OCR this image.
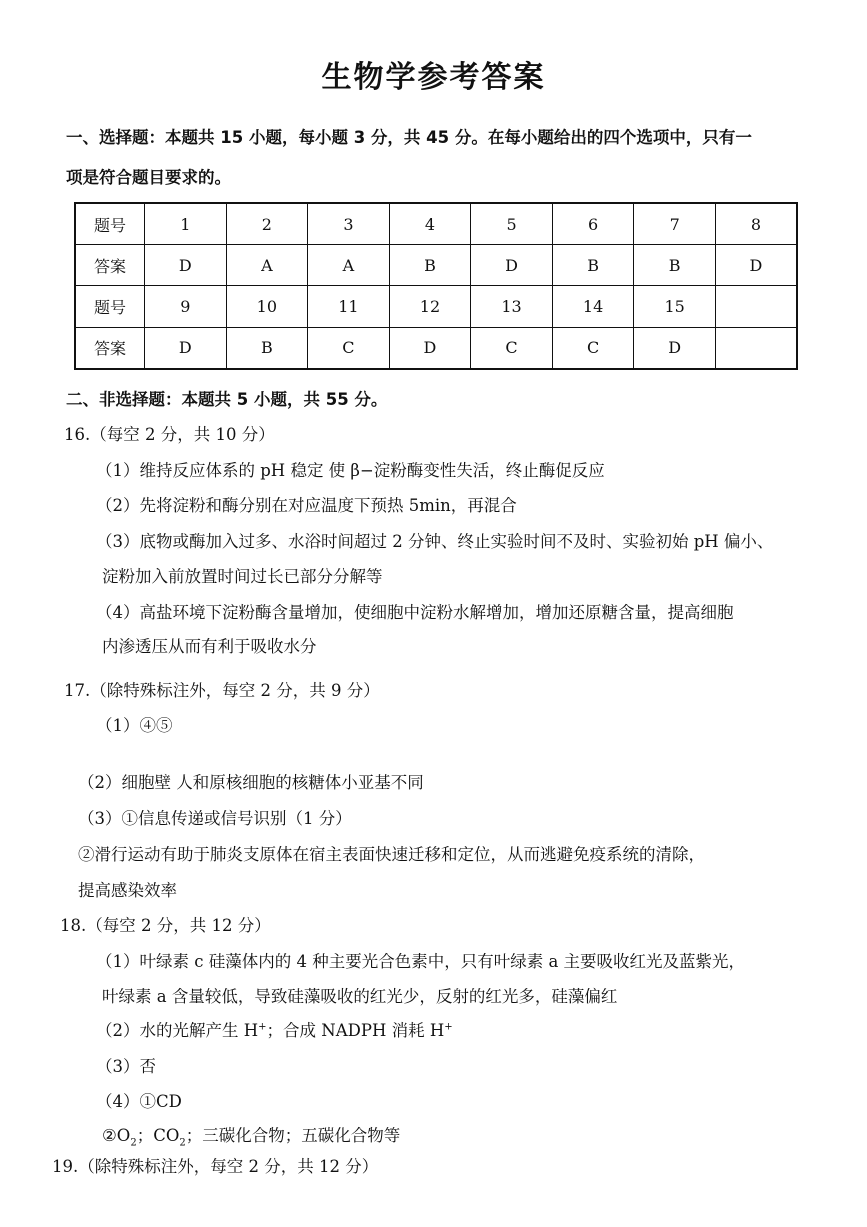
生物学参考答案
一、选择题：本题共 15 小题，每小题 3 分，共 45 分。在每小题给出的四个选项中，只有一
项是符合题目要求的。
题号	1	2	3	4	5	6	7	8
答案	D	A	A	B	D	B	B	D
题号	9	10	11	12	13	14	15	
答案	D	B	C	D	C	C	D	
二、非选择题：本题共 5 小题，共 55 分。
16.（每空 2 分，共 10 分）
（1）维持反应体系的 pH 稳定 使 β−淀粉酶变性失活，终止酶促反应
（2）先将淀粉和酶分别在对应温度下预热 5min，再混合
（3）底物或酶加入过多、水浴时间超过 2 分钟、终止实验时间不及时、实验初始 pH 偏小、
淀粉加入前放置时间过长已部分分解等
（4）高盐环境下淀粉酶含量增加，使细胞中淀粉水解增加，增加还原糖含量，提高细胞
内渗透压从而有利于吸收水分
17.（除特殊标注外，每空 2 分，共 9 分）
（1）④⑤
（2）细胞壁 人和原核细胞的核糖体小亚基不同
（3）①信息传递或信号识别（1 分）
②滑行运动有助于肺炎支原体在宿主表面快速迁移和定位，从而逃避免疫系统的清除，
提高感染效率
18.（每空 2 分，共 12 分）
（1）叶绿素 c 硅藻体内的 4 种主要光合色素中，只有叶绿素 a 主要吸收红光及蓝紫光，
叶绿素 a 含量较低，导致硅藻吸收的红光少，反射的红光多，硅藻偏红
（2）水的光解产生 H+；合成 NADPH 消耗 H+
（3）否
（4）①CD
$②O_2$；$CO_2$；三碳化合物；五碳化合物等
19.（除特殊标注外，每空 2 分，共 12 分）
